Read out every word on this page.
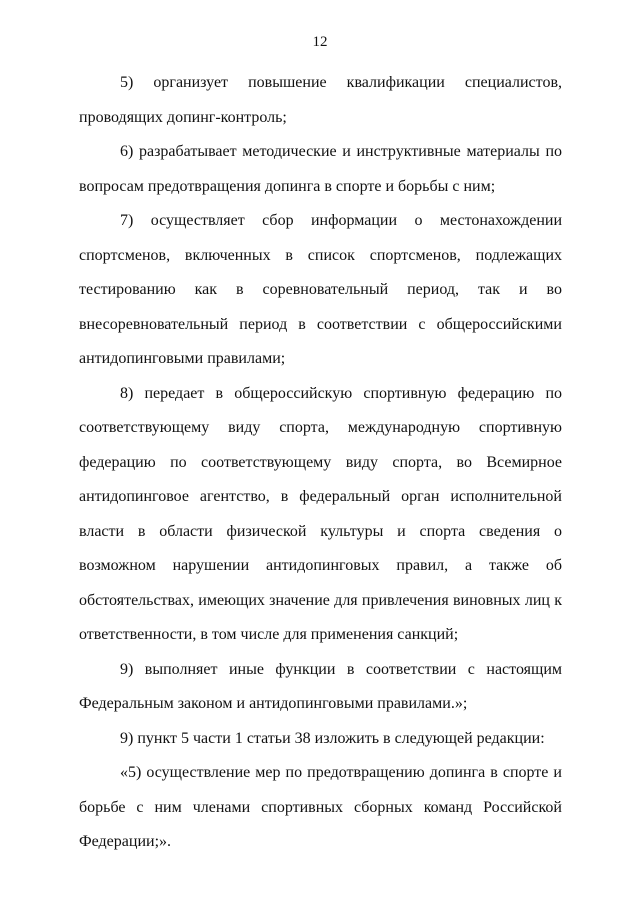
12

5) организует повышение квалификации специалистов, проводящих допинг-контроль;

6) разрабатывает методические и инструктивные материалы по вопросам предотвращения допинга в спорте и борьбы с ним;

7) осуществляет сбор информации о местонахождении спортсменов, включенных в список спортсменов, подлежащих тестированию как в соревновательный период, так и во внесоревновательный период в соответствии с общероссийскими антидопинговыми правилами;

8) передает в общероссийскую спортивную федерацию по соответствующему виду спорта, международную спортивную федерацию по соответствующему виду спорта, во Всемирное антидопинговое агентство, в федеральный орган исполнительной власти в области физической культуры и спорта сведения о возможном нарушении антидопинговых правил, а также об обстоятельствах, имеющих значение для привлечения виновных лиц к ответственности, в том числе для применения санкций;

9) выполняет иные функции в соответствии с настоящим Федеральным законом и антидопинговыми правилами.»;

9) пункт 5 части 1 статьи 38 изложить в следующей редакции:

«5) осуществление мер по предотвращению допинга в спорте и борьбе с ним членами спортивных сборных команд Российской Федерации;».
